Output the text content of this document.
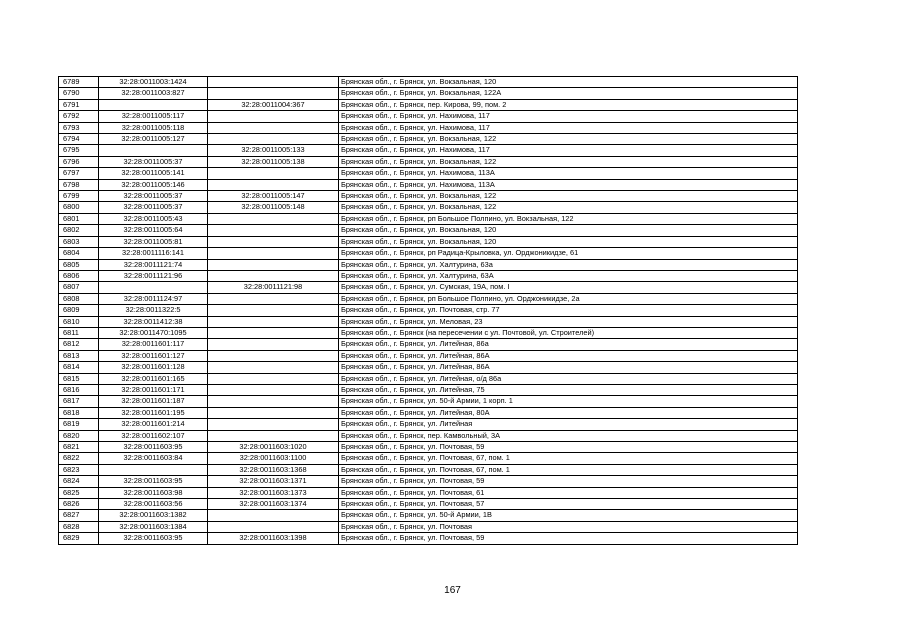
6789	32:28:0011003:1424		Брянская обл., г. Брянск, ул. Вокзальная, 120
6790	32:28:0011003:827		Брянская обл., г. Брянск, ул. Вокзальная, 122А
6791		32:28:0011004:367	Брянская обл., г. Брянск, пер. Кирова, 99, пом. 2
6792	32:28:0011005:117		Брянская обл., г. Брянск, ул. Нахимова, 117
6793	32:28:0011005:118		Брянская обл., г. Брянск, ул. Нахимова, 117
6794	32:28:0011005:127		Брянская обл., г. Брянск, ул. Вокзальная, 122
6795		32:28:0011005:133	Брянская обл., г. Брянск, ул. Нахимова, 117
6796	32:28:0011005:37	32:28:0011005:138	Брянская обл., г. Брянск, ул. Вокзальная, 122
6797	32:28:0011005:141		Брянская обл., г. Брянск, ул. Нахимова, 113А
6798	32:28:0011005:146		Брянская обл., г. Брянск, ул. Нахимова, 113А
6799	32:28:0011005:37	32:28:0011005:147	Брянская обл., г. Брянск, ул. Вокзальная, 122
6800	32:28:0011005:37	32:28:0011005:148	Брянская обл., г. Брянск, ул. Вокзальная, 122
6801	32:28:0011005:43		Брянская обл., г. Брянск, рп Большое Полпино, ул. Вокзальная, 122
6802	32:28:0011005:64		Брянская обл., г. Брянск, ул. Вокзальная, 120
6803	32:28:0011005:81		Брянская обл., г. Брянск, ул. Вокзальная, 120
6804	32:28:0011116:141		Брянская обл., г. Брянск, рп Радица-Крыловка, ул. Орджоникидзе, 61
6805	32:28:0011121:74		Брянская обл., г. Брянск, ул. Халтурина, 63а
6806	32:28:0011121:96		Брянская обл., г. Брянск, ул. Халтурина, 63А
6807		32:28:0011121:98	Брянская обл., г. Брянск, ул. Сумская, 19А, пом. I
6808	32:28:0011124:97		Брянская обл., г. Брянск, рп Большое Полпино, ул. Орджоникидзе, 2а
6809	32:28:0011322:5		Брянская обл., г. Брянск, ул. Почтовая, стр. 77
6810	32:28:0011412:38		Брянская обл., г. Брянск, ул. Меловая, 23
6811	32:28:0011470:1095		Брянская обл., г. Брянск (на пересечении с ул. Почтовой, ул. Строителей)
6812	32:28:0011601:117		Брянская обл., г. Брянск, ул. Литейная, 86а
6813	32:28:0011601:127		Брянская обл., г. Брянск, ул. Литейная, 86А
6814	32:28:0011601:128		Брянская обл., г. Брянск, ул. Литейная, 86А
6815	32:28:0011601:165		Брянская обл., г. Брянск, ул. Литейная, о/д 86а
6816	32:28:0011601:171		Брянская обл., г. Брянск, ул. Литейная, 75
6817	32:28:0011601:187		Брянская обл., г. Брянск, ул. 50-й Армии, 1 корп. 1
6818	32:28:0011601:195		Брянская обл., г. Брянск, ул. Литейная, 80А
6819	32:28:0011601:214		Брянская обл., г. Брянск, ул. Литейная
6820	32:28:0011602:107		Брянская обл., г. Брянск, пер. Камвольный, 3А
6821	32:28:0011603:95	32:28:0011603:1020	Брянская обл., г. Брянск, ул. Почтовая, 59
6822	32:28:0011603:84	32:28:0011603:1100	Брянская обл., г. Брянск, ул. Почтовая, 67, пом. 1
6823		32:28:0011603:1368	Брянская обл., г. Брянск, ул. Почтовая, 67, пом. 1
6824	32:28:0011603:95	32:28:0011603:1371	Брянская обл., г. Брянск, ул. Почтовая, 59
6825	32:28:0011603:98	32:28:0011603:1373	Брянская обл., г. Брянск, ул. Почтовая, 61
6826	32:28:0011603:56	32:28:0011603:1374	Брянская обл., г. Брянск, ул. Почтовая, 57
6827	32:28:0011603:1382		Брянская обл., г. Брянск, ул. 50-й Армии, 1В
6828	32:28:0011603:1384		Брянская обл., г. Брянск, ул. Почтовая
6829	32:28:0011603:95	32:28:0011603:1398	Брянская обл., г. Брянск, ул. Почтовая, 59
167
